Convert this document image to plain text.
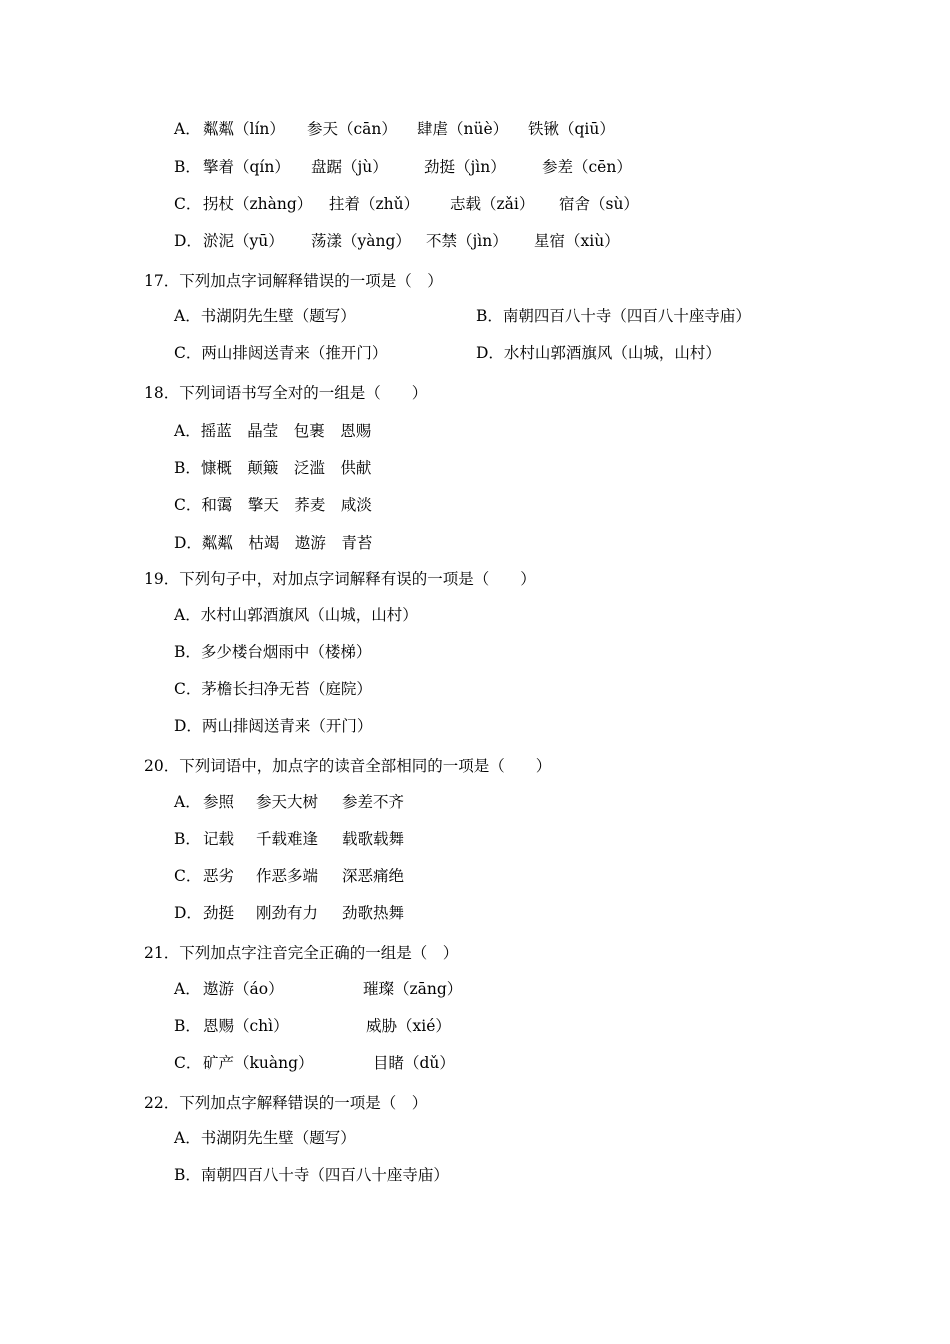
A． 粼粼（lín） 参天（cān） 肆虐（nüè） 铁锹（qiū）
B． 擎着（qín） 盘踞（jù） 劲挺（jìn） 参差（cēn）
C． 拐杖（zhàng） 拄着（zhǔ） 志载（zǎi） 宿舍（sù）
D． 淤泥（yū） 荡漾（yàng） 不禁（jìn） 星宿（xiù）
17．下列加点字词解释错误的一项是（　）
A．书湖阴先生壁（题写）	B．南朝四百八十寺（四百八十座寺庙）
C．两山排闼送青来（推开门）	D．水村山郭酒旗风（山城，山村）
18．下列词语书写全对的一组是（　　）
A．摇蓝　晶莹　包裹　恩赐
B．慷概　颠簸　泛滥　供献
C．和霭　擎天　荞麦　咸淡
D．粼粼　枯竭　遨游　青苔
19．下列句子中，对加点字词解释有误的一项是（　　）
A．水村山郭酒旗风（山城，山村）
B．多少楼台烟雨中（楼梯）
C．茅檐长扫净无苔（庭院）
D．两山排闼送青来（开门）
20．下列词语中，加点字的读音全部相同的一项是（　　）
A． 参照 参天大树 参差不齐
B． 记载 千载难逢 载歌载舞
C． 恶劣 作恶多端 深恶痛绝
D． 劲挺 刚劲有力 劲歌热舞
21．下列加点字注音完全正确的一组是（　）
A． 遨游（áo）	璀璨（zāng）
B． 恩赐（chì）	威胁（xié）
C． 矿产（kuàng）	目睹（dǔ）
22．下列加点字解释错误的一项是（　）
A．书湖阴先生壁（题写）
B．南朝四百八十寺（四百八十座寺庙）
